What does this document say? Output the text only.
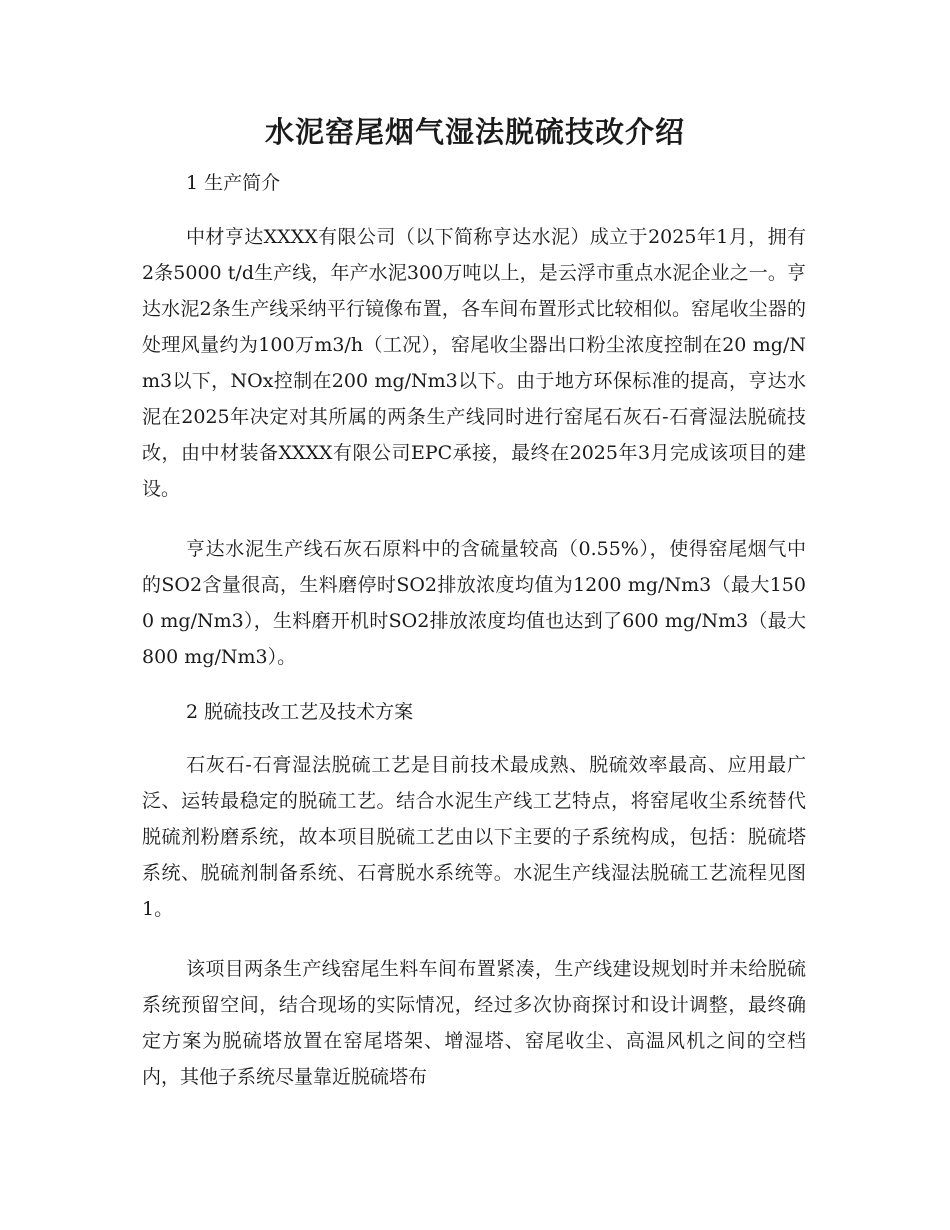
水泥窑尾烟气湿法脱硫技改介绍

1 生产简介

中材亨达XXXX有限公司（以下简称亨达水泥）成立于2025年1月，拥有2条5000 t/d生产线，年产水泥300万吨以上，是云浮市重点水泥企业之一。亨达水泥2条生产线采纳平行镜像布置，各车间布置形式比较相似。窑尾收尘器的处理风量约为100万m3/h（工况），窑尾收尘器出口粉尘浓度控制在20 mg/Nm3以下，NOx控制在200 mg/Nm3以下。由于地方环保标准的提高，亨达水泥在2025年决定对其所属的两条生产线同时进行窑尾石灰石-石膏湿法脱硫技改，由中材装备XXXX有限公司EPC承接，最终在2025年3月完成该项目的建设。

亨达水泥生产线石灰石原料中的含硫量较高（0.55%），使得窑尾烟气中的SO2含量很高，生料磨停时SO2排放浓度均值为1200 mg/Nm3（最大1500 mg/Nm3），生料磨开机时SO2排放浓度均值也达到了600 mg/Nm3（最大800 mg/Nm3）。

2 脱硫技改工艺及技术方案

石灰石-石膏湿法脱硫工艺是目前技术最成熟、脱硫效率最高、应用最广泛、运转最稳定的脱硫工艺。结合水泥生产线工艺特点，将窑尾收尘系统替代脱硫剂粉磨系统，故本项目脱硫工艺由以下主要的子系统构成，包括：脱硫塔系统、脱硫剂制备系统、石膏脱水系统等。水泥生产线湿法脱硫工艺流程见图1。

该项目两条生产线窑尾生料车间布置紧凑，生产线建设规划时并未给脱硫系统预留空间，结合现场的实际情况，经过多次协商探讨和设计调整，最终确定方案为脱硫塔放置在窑尾塔架、增湿塔、窑尾收尘、高温风机之间的空档内，其他子系统尽量靠近脱硫塔布
